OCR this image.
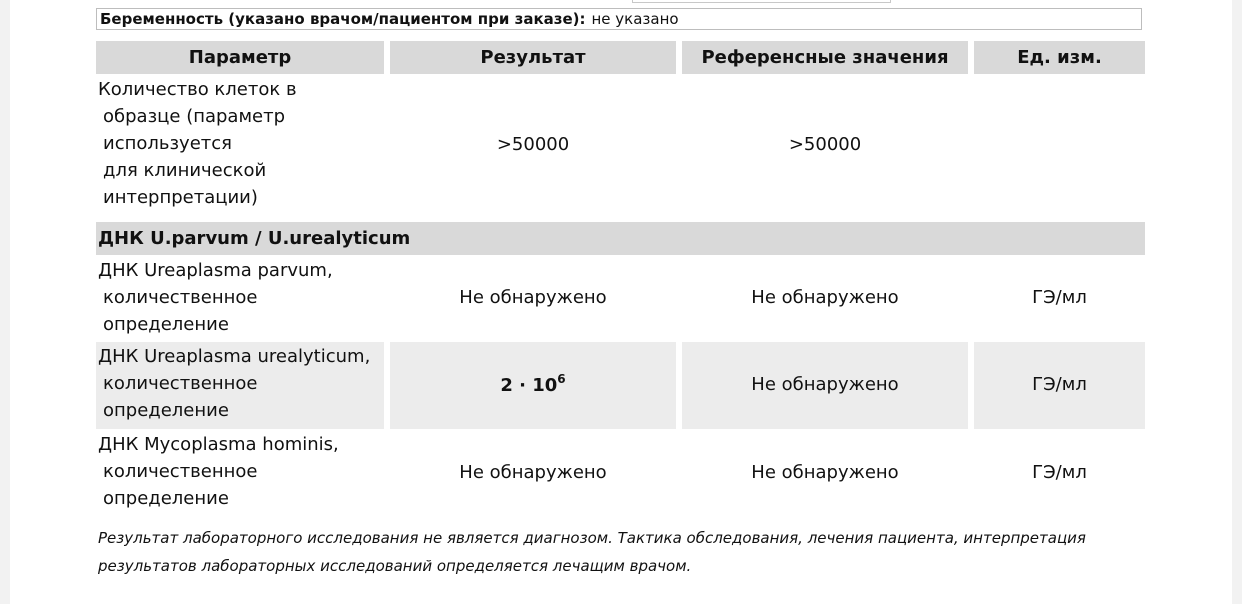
Беременность (указано врачом/пациентом при заказе): не указано
Параметр	Результат	Референсные значения	Ед. изм.
Количество клеток в
образце (параметр
используется
для клинической
интерпретации)
>50000	>50000
ДНК U.parvum / U.urealyticum
ДНК Ureaplasma parvum,
количественное
определение
Не обнаружено	Не обнаружено	ГЭ/мл
ДНК Ureaplasma urealyticum,
количественное
определение
$2 \cdot 10^6$	Не обнаружено	ГЭ/мл
ДНК Mycoplasma hominis,
количественное
определение
Не обнаружено	Не обнаружено	ГЭ/мл
Результат лабораторного исследования не является диагнозом. Тактика обследования, лечения пациента, интерпретация результатов лабораторных исследований определяется лечащим врачом.
